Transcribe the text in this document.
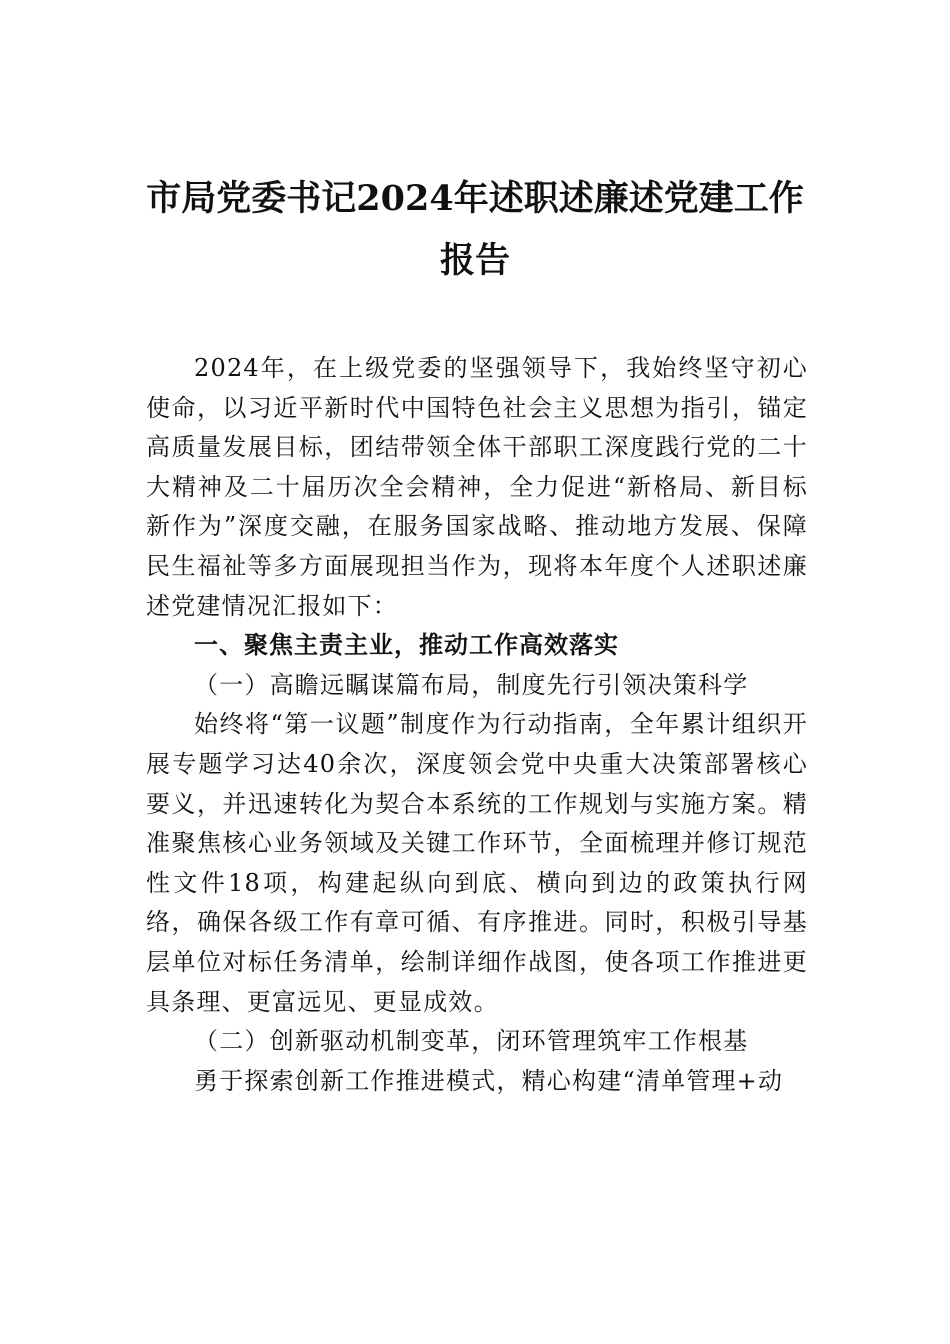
市局党委书记2024年述职述廉述党建工作
报告

2024年，在上级党委的坚强领导下，我始终坚守初心使命，以习近平新时代中国特色社会主义思想为指引，锚定高质量发展目标，团结带领全体干部职工深度践行党的二十大精神及二十届历次全会精神，全力促进“新格局、新目标新作为”深度交融，在服务国家战略、推动地方发展、保障民生福祉等多方面展现担当作为，现将本年度个人述职述廉述党建情况汇报如下：

一、聚焦主责主业，推动工作高效落实

（一）高瞻远瞩谋篇布局，制度先行引领决策科学

始终将“第一议题”制度作为行动指南，全年累计组织开展专题学习达40余次，深度领会党中央重大决策部署核心要义，并迅速转化为契合本系统的工作规划与实施方案。精准聚焦核心业务领域及关键工作环节，全面梳理并修订规范性文件18项，构建起纵向到底、横向到边的政策执行网络，确保各级工作有章可循、有序推进。同时，积极引导基层单位对标任务清单，绘制详细作战图，使各项工作推进更具条理、更富远见、更显成效。

（二）创新驱动机制变革，闭环管理筑牢工作根基

勇于探索创新工作推进模式，精心构建“清单管理+动
